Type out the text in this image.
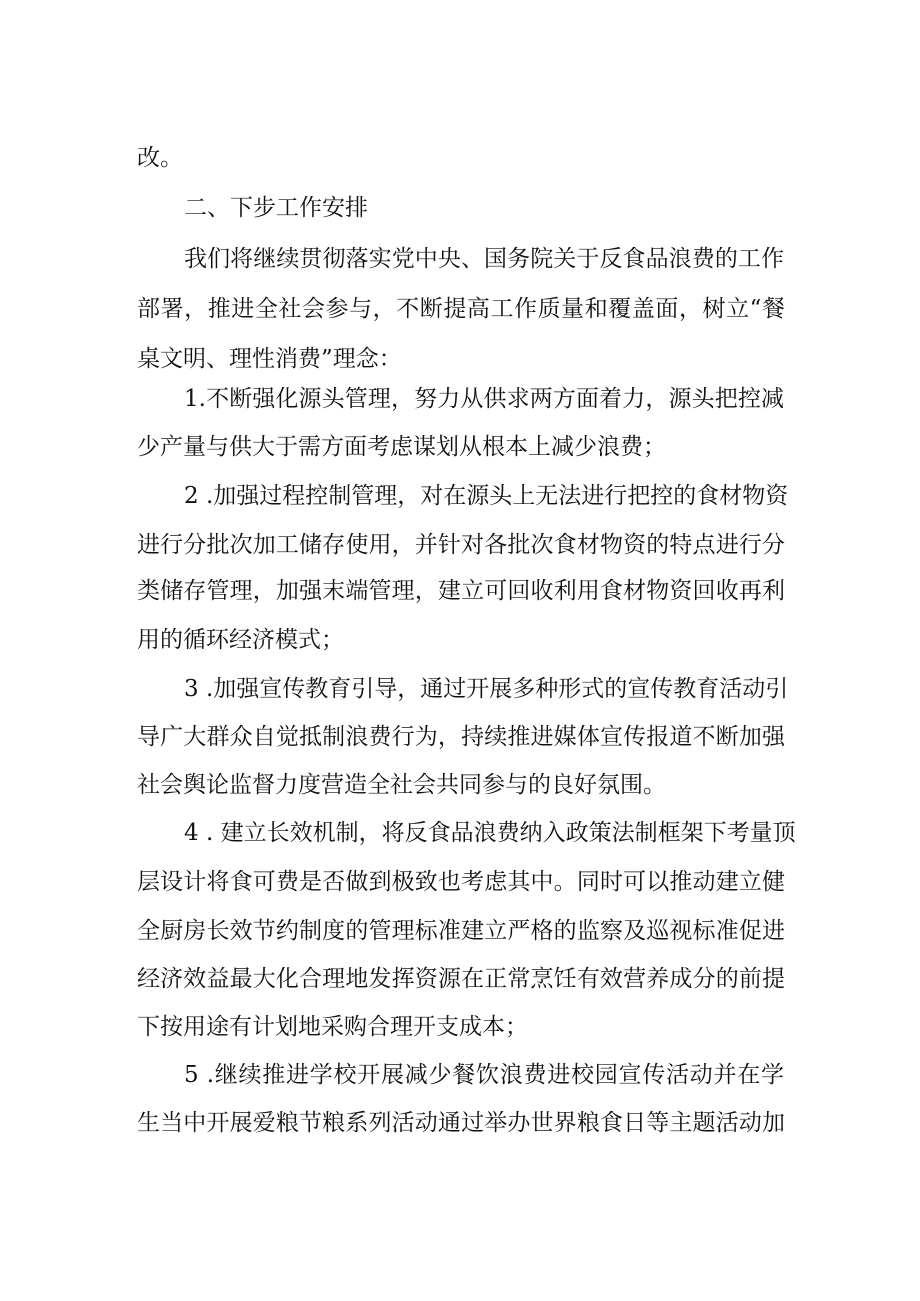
改。
二、下步工作安排
我们将继续贯彻落实党中央、国务院关于反食品浪费的工作
部署，推进全社会参与，不断提高工作质量和覆盖面，树立“餐
桌文明、理性消费”理念：
1.不断强化源头管理，努力从供求两方面着力，源头把控减
少产量与供大于需方面考虑谋划从根本上减少浪费；
2 .加强过程控制管理，对在源头上无法进行把控的食材物资
进行分批次加工储存使用，并针对各批次食材物资的特点进行分
类储存管理，加强末端管理，建立可回收利用食材物资回收再利
用的循环经济模式；
3 .加强宣传教育引导，通过开展多种形式的宣传教育活动引
导广大群众自觉抵制浪费行为，持续推进媒体宣传报道不断加强
社会舆论监督力度营造全社会共同参与的良好氛围。
4 . 建立长效机制，将反食品浪费纳入政策法制框架下考量顶
层设计将食可费是否做到极致也考虑其中。同时可以推动建立健
全厨房长效节约制度的管理标准建立严格的监察及巡视标准促进
经济效益最大化合理地发挥资源在正常烹饪有效营养成分的前提
下按用途有计划地采购合理开支成本；
5 .继续推进学校开展减少餐饮浪费进校园宣传活动并在学
生当中开展爱粮节粮系列活动通过举办世界粮食日等主题活动加
